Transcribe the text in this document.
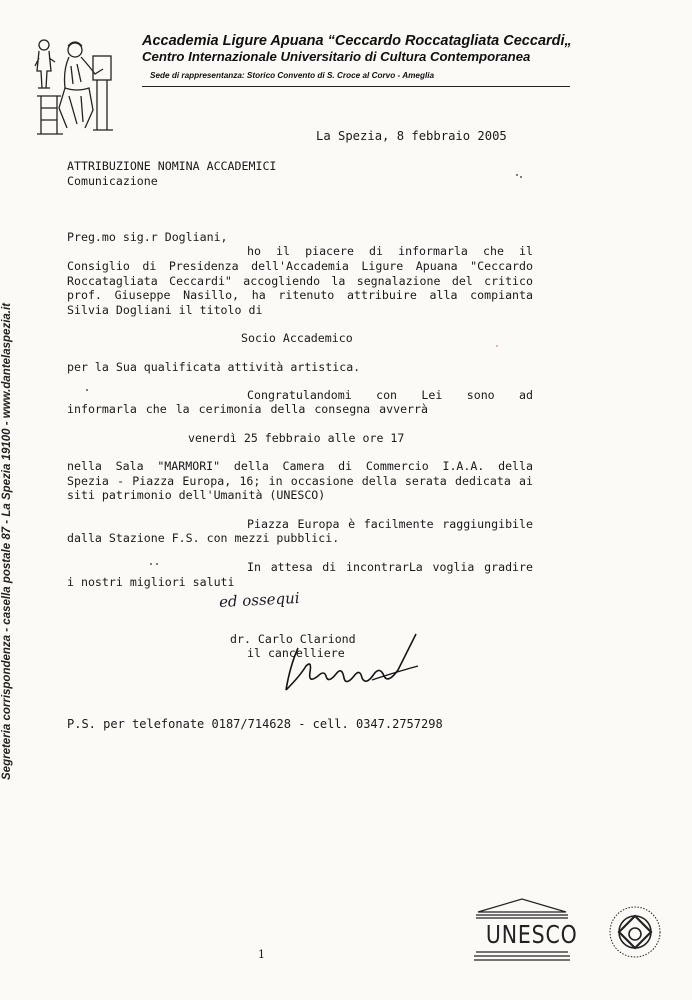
Accademia Ligure Apuana “Ceccardo Roccatagliata Ceccardi„
Centro Internazionale Universitario di Cultura Contemporanea
Sede di rappresentanza: Storico Convento di S. Croce al Corvo - Ameglia
Segreteria corrispondenza - casella postale 87 - La Spezia 19100 - www.dantelaspezia.it
La Spezia, 8 febbraio 2005
ATTRIBUZIONE NOMINA ACCADEMICI
Comunicazione
Preg.mo sig.r Dogliani,
ho il piacere di informarla che il
Consiglio di Presidenza dell'Accademia Ligure Apuana "Ceccardo
Roccatagliata Ceccardi" accogliendo la segnalazione del critico
prof. Giuseppe Nasillo, ha ritenuto attribuire alla compianta
Silvia Dogliani il titolo di
Socio Accademico
per la Sua qualificata attività artistica.
Congratulandomi con Lei sono ad
informarla che la cerimonia della consegna avverrà
venerdì 25 febbraio alle ore 17
nella Sala "MARMORI" della Camera di Commercio I.A.A. della
Spezia - Piazza Europa, 16; in occasione della serata dedicata ai
siti patrimonio dell'Umanità (UNESCO)
Piazza Europa è facilmente raggiungibile
dalla Stazione F.S. con mezzi pubblici.
In attesa di incontrarLa voglia gradire
i nostri migliori saluti
ed ossequi
dr. Carlo Clariond
il cancelliere
P.S. per telefonate 0187/714628 - cell. 0347.2757298
1
UNESCO
